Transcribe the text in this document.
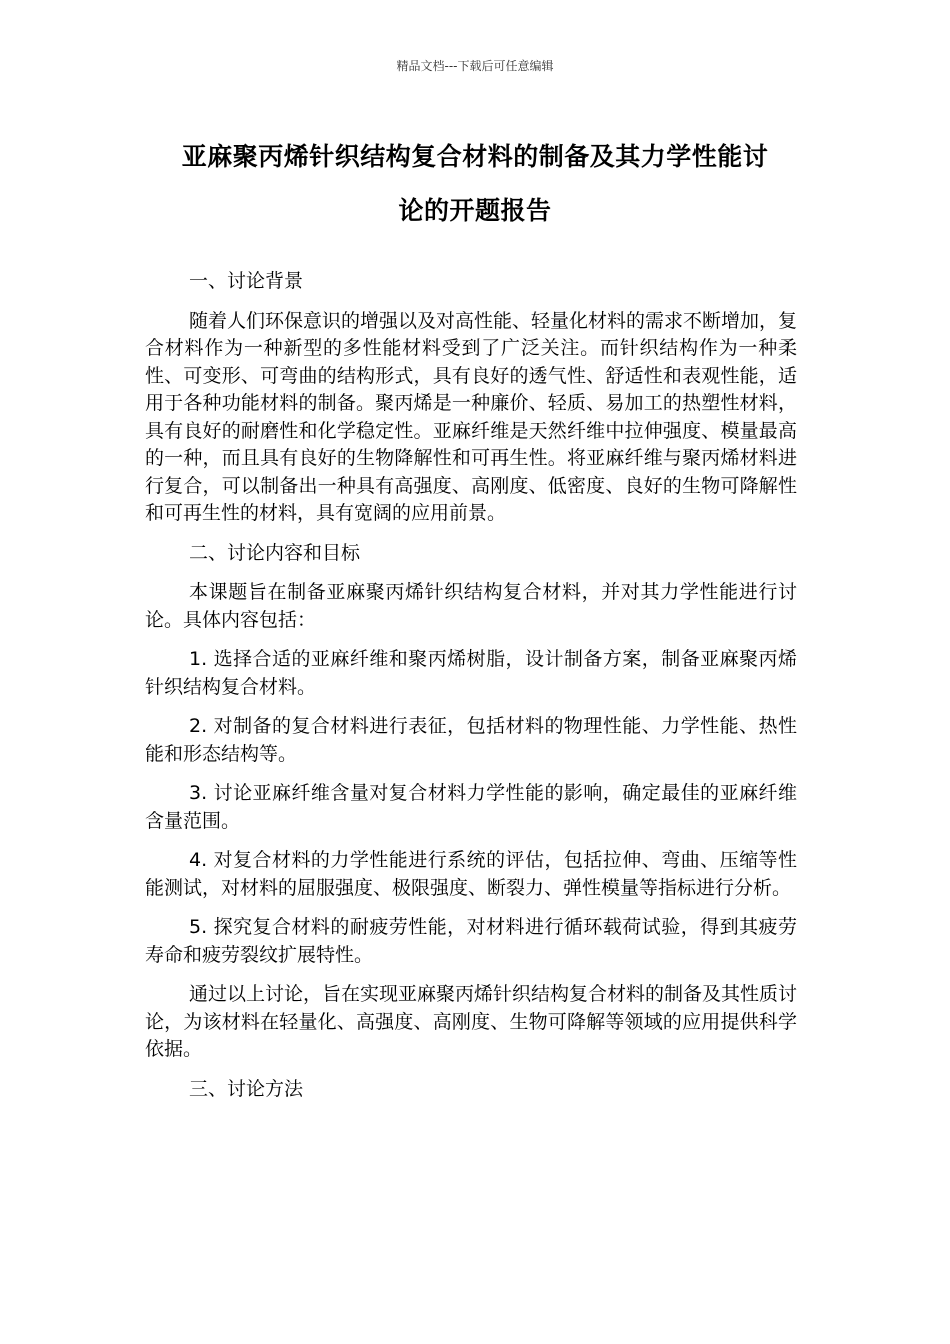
精品文档---下载后可任意编辑
亚麻聚丙烯针织结构复合材料的制备及其力学性能讨
论的开题报告

一、讨论背景

随着人们环保意识的增强以及对高性能、轻量化材料的需求不断增加，复合材料作为一种新型的多性能材料受到了广泛关注。而针织结构作为一种柔性、可变形、可弯曲的结构形式，具有良好的透气性、舒适性和表观性能，适用于各种功能材料的制备。聚丙烯是一种廉价、轻质、易加工的热塑性材料，具有良好的耐磨性和化学稳定性。亚麻纤维是天然纤维中拉伸强度、模量最高的一种，而且具有良好的生物降解性和可再生性。将亚麻纤维与聚丙烯材料进行复合，可以制备出一种具有高强度、高刚度、低密度、良好的生物可降解性和可再生性的材料，具有宽阔的应用前景。

二、讨论内容和目标

本课题旨在制备亚麻聚丙烯针织结构复合材料，并对其力学性能进行讨论。具体内容包括：

1. 选择合适的亚麻纤维和聚丙烯树脂，设计制备方案，制备亚麻聚丙烯针织结构复合材料。

2. 对制备的复合材料进行表征，包括材料的物理性能、力学性能、热性能和形态结构等。

3. 讨论亚麻纤维含量对复合材料力学性能的影响，确定最佳的亚麻纤维含量范围。

4. 对复合材料的力学性能进行系统的评估，包括拉伸、弯曲、压缩等性能测试，对材料的屈服强度、极限强度、断裂力、弹性模量等指标进行分析。

5. 探究复合材料的耐疲劳性能，对材料进行循环载荷试验，得到其疲劳寿命和疲劳裂纹扩展特性。

通过以上讨论，旨在实现亚麻聚丙烯针织结构复合材料的制备及其性质讨论，为该材料在轻量化、高强度、高刚度、生物可降解等领域的应用提供科学依据。

三、讨论方法
